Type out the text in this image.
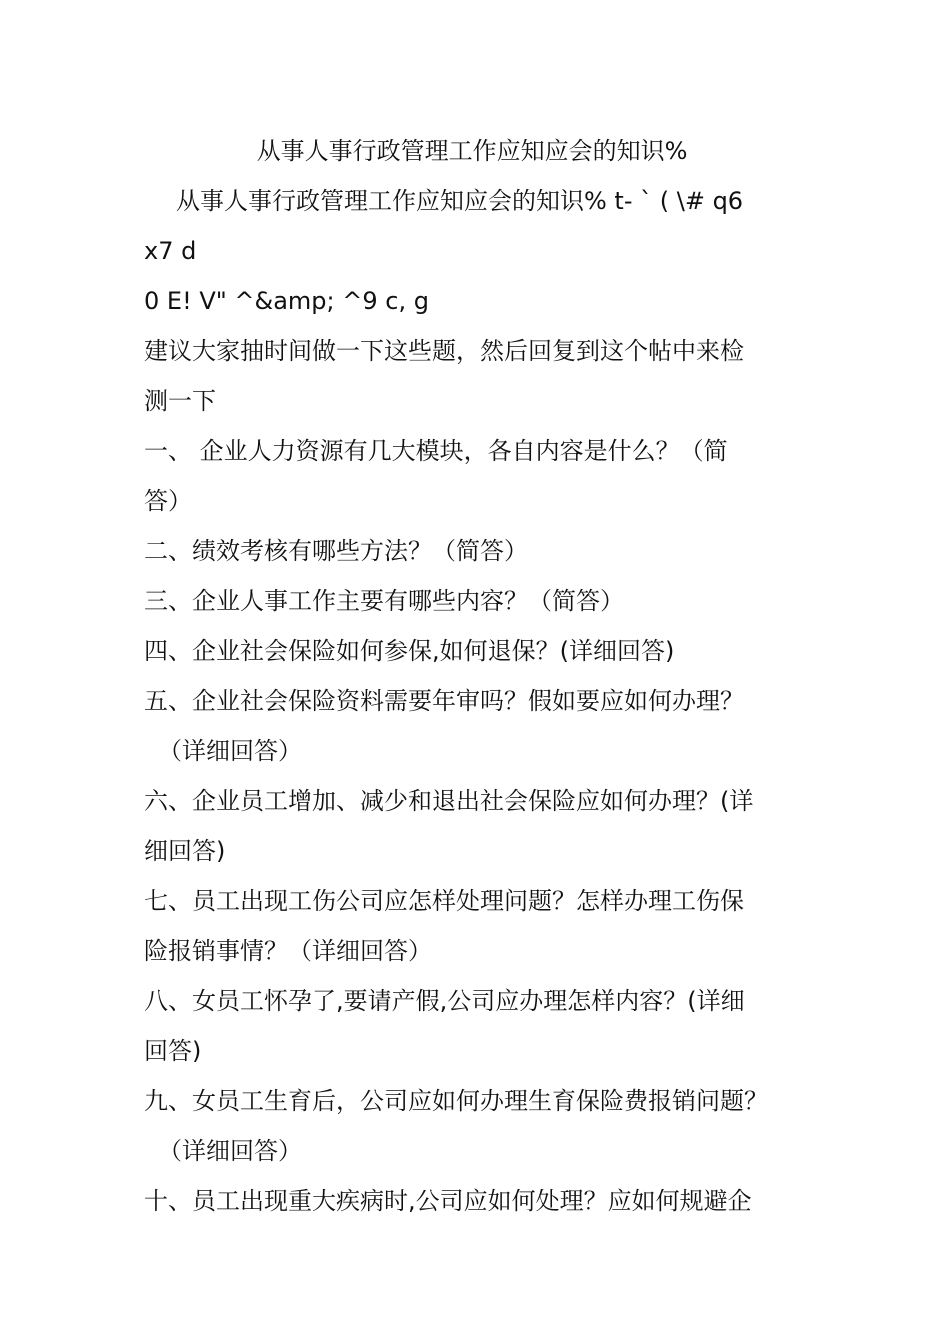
从事人事行政管理工作应知应会的知识%
从事人事行政管理工作应知应会的知识% t- ` ( \# q6
x7 d
0 E! V" ^&amp; ^9 c, g
建议大家抽时间做一下这些题，然后回复到这个帖中来检
测一下
一、 企业人力资源有几大模块，各自内容是什么？（简
答）
二、绩效考核有哪些方法？（简答）
三、企业人事工作主要有哪些内容？（简答）
四、企业社会保险如何参保,如何退保？(详细回答)
五、企业社会保险资料需要年审吗？假如要应如何办理？
（详细回答）
六、企业员工增加、减少和退出社会保险应如何办理？(详
细回答)
七、员工出现工伤公司应怎样处理问题？怎样办理工伤保
险报销事情？（详细回答）
八、女员工怀孕了,要请产假,公司应办理怎样内容？(详细
回答)
九、女员工生育后，公司应如何办理生育保险费报销问题？
（详细回答）
十、员工出现重大疾病时,公司应如何处理？应如何规避企
